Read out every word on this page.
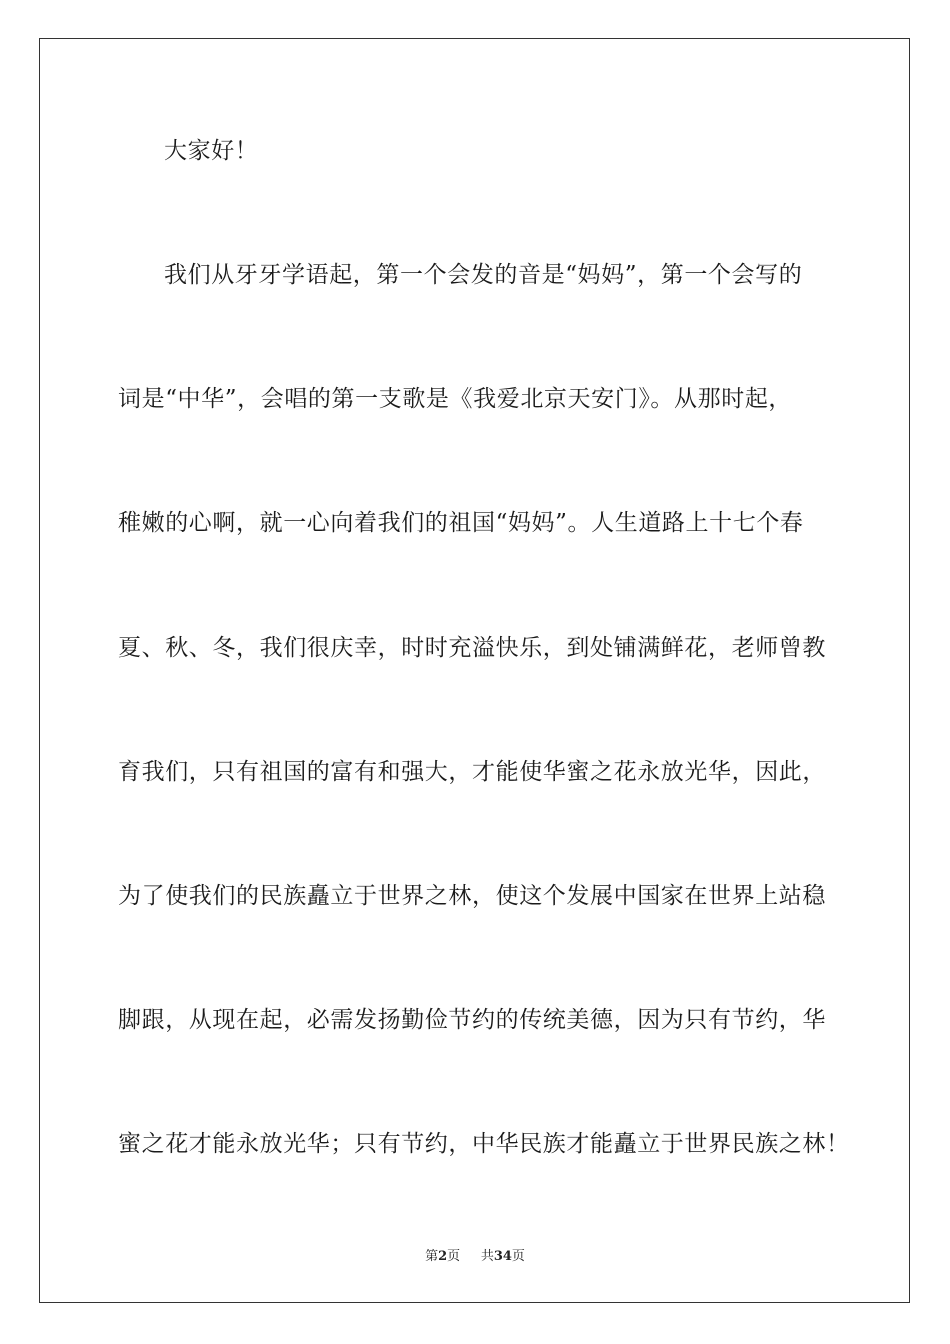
大家好！
我们从牙牙学语起，第一个会发的音是“妈妈”，第一个会写的
词是“中华”，会唱的第一支歌是《我爱北京天安门》。从那时起，
稚嫩的心啊，就一心向着我们的祖国“妈妈”。人生道路上十七个春
夏、秋、冬，我们很庆幸，时时充溢快乐，到处铺满鲜花，老师曾教
育我们，只有祖国的富有和强大，才能使华蜜之花永放光华，因此，
为了使我们的民族矗立于世界之林，使这个发展中国家在世界上站稳
脚跟，从现在起，必需发扬勤俭节约的传统美德，因为只有节约，华
蜜之花才能永放光华；只有节约，中华民族才能矗立于世界民族之林！
第2页 共34页
